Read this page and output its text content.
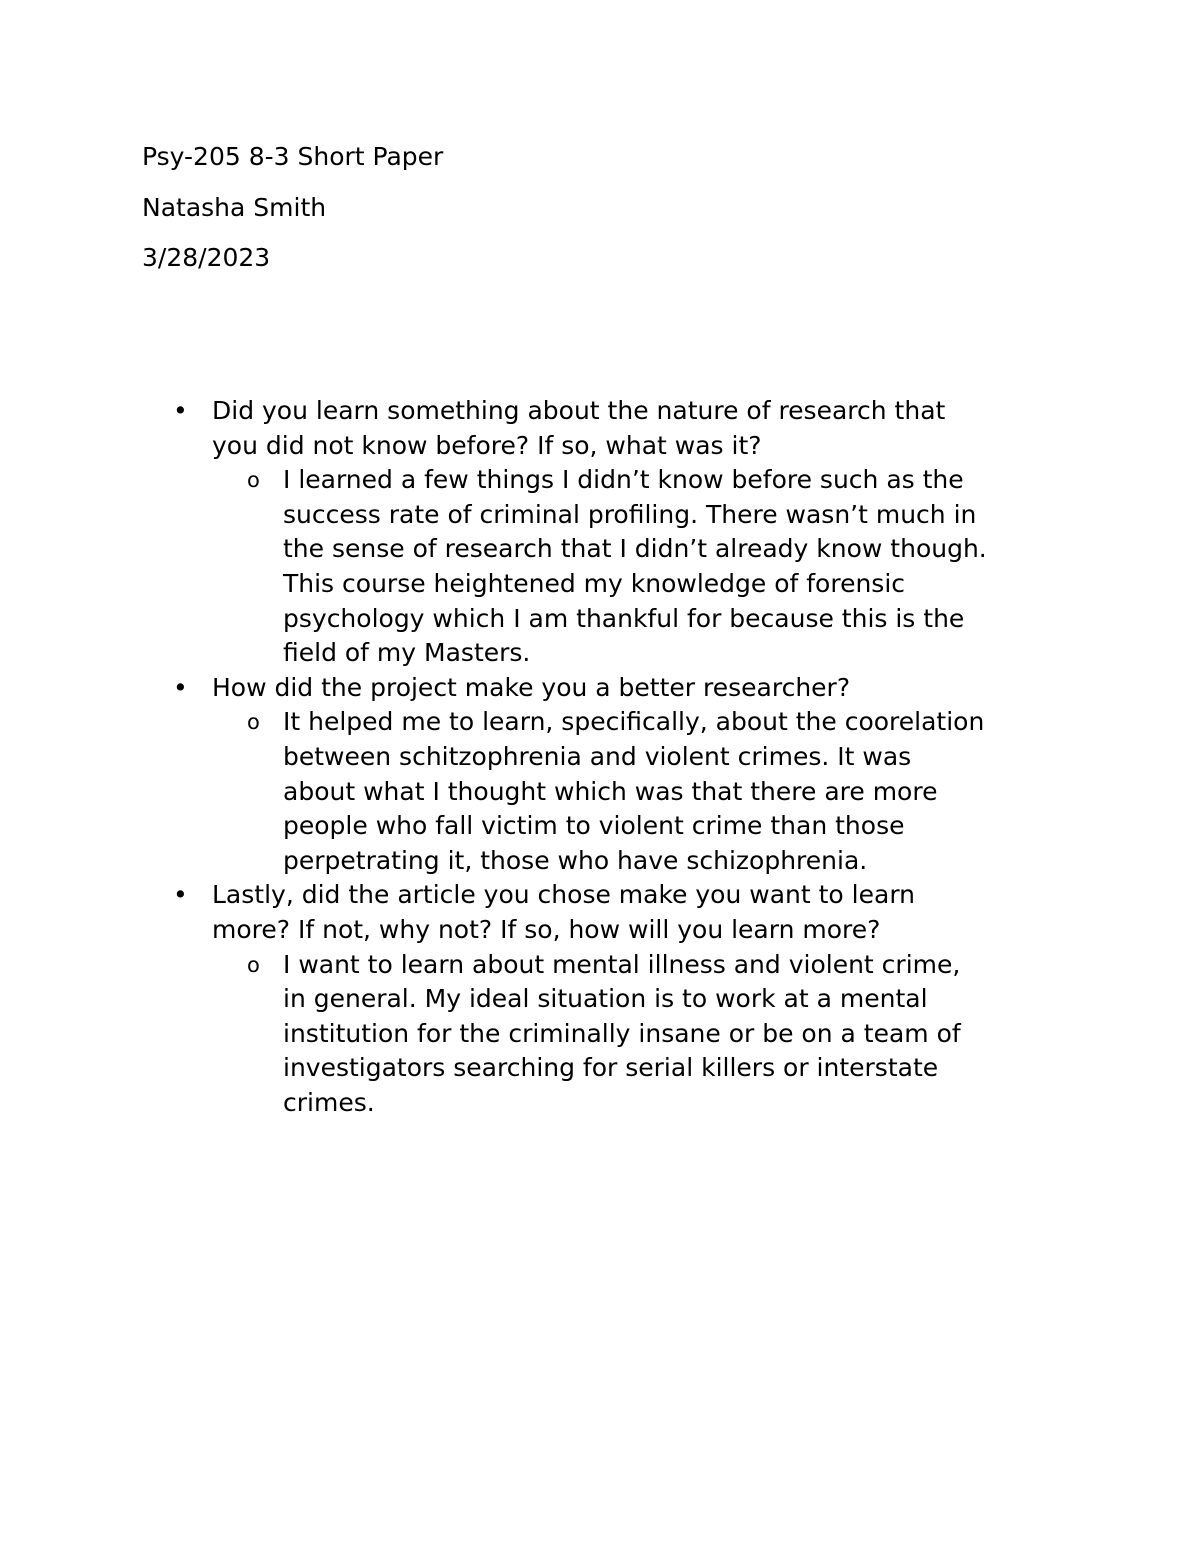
Psy-205 8-3 Short Paper
Natasha Smith
3/28/2023
• Did you learn something about the nature of research that
you did not know before? If so, what was it?
o I learned a few things I didn’t know before such as the
success rate of criminal profiling. There wasn’t much in
the sense of research that I didn’t already know though.
This course heightened my knowledge of forensic
psychology which I am thankful for because this is the
field of my Masters.
• How did the project make you a better researcher?
o It helped me to learn, specifically, about the coorelation
between schitzophrenia and violent crimes. It was
about what I thought which was that there are more
people who fall victim to violent crime than those
perpetrating it, those who have schizophrenia.
• Lastly, did the article you chose make you want to learn
more? If not, why not? If so, how will you learn more?
o I want to learn about mental illness and violent crime,
in general. My ideal situation is to work at a mental
institution for the criminally insane or be on a team of
investigators searching for serial killers or interstate
crimes.
